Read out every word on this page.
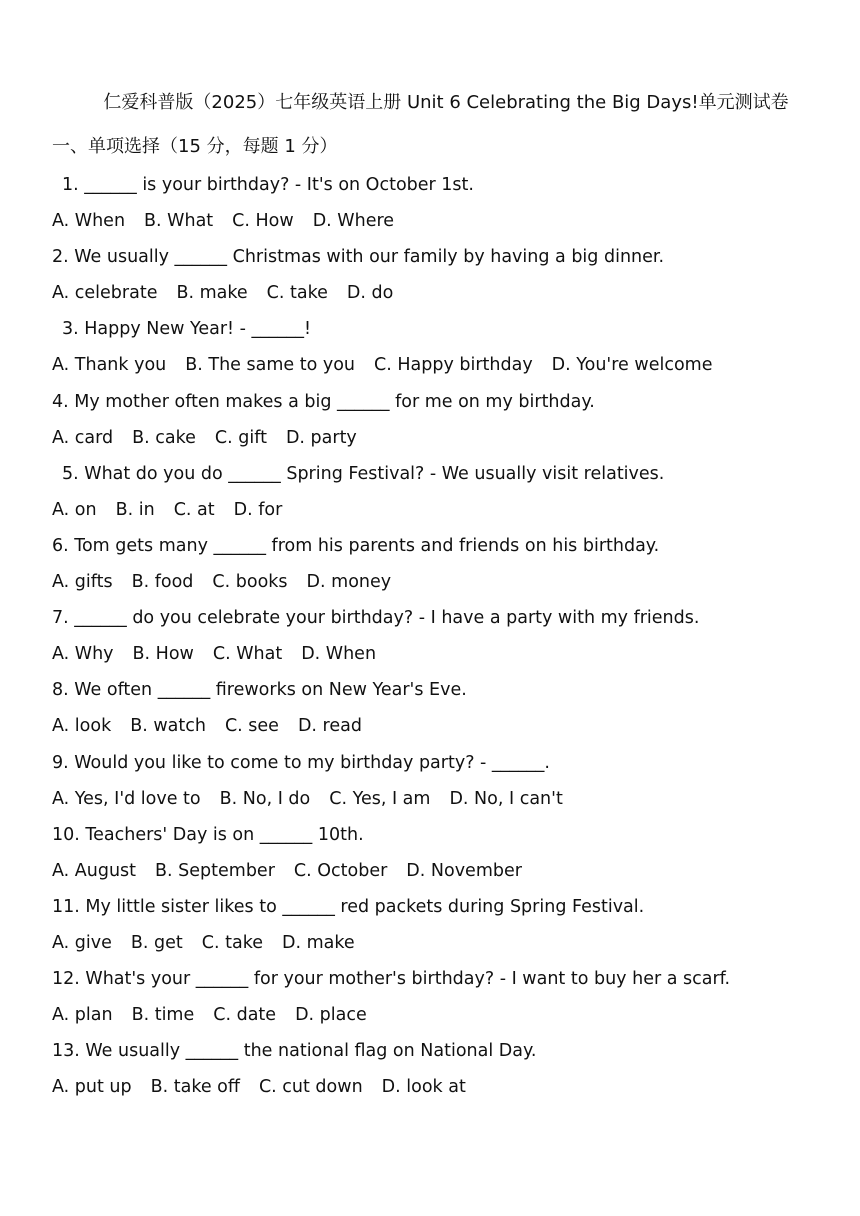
仁爱科普版（2025）七年级英语上册 Unit 6 Celebrating the Big Days!单元测试卷
一、单项选择（15 分，每题 1 分）
1. ______ is your birthday? - It's on October 1st.
A. When B. What C. How D. Where
2. We usually ______ Christmas with our family by having a big dinner.
A. celebrate B. make C. take D. do
3. Happy New Year! - ______!
A. Thank you B. The same to you C. Happy birthday D. You're welcome
4. My mother often makes a big ______ for me on my birthday.
A. card B. cake C. gift D. party
5. What do you do ______ Spring Festival? - We usually visit relatives.
A. on B. in C. at D. for
6. Tom gets many ______ from his parents and friends on his birthday.
A. gifts B. food C. books D. money
7. ______ do you celebrate your birthday? - I have a party with my friends.
A. Why B. How C. What D. When
8. We often ______ fireworks on New Year's Eve.
A. look B. watch C. see D. read
9. Would you like to come to my birthday party? - ______.
A. Yes, I'd love to B. No, I do C. Yes, I am D. No, I can't
10. Teachers' Day is on ______ 10th.
A. August B. September C. October D. November
11. My little sister likes to ______ red packets during Spring Festival.
A. give B. get C. take D. make
12. What's your ______ for your mother's birthday? - I want to buy her a scarf.
A. plan B. time C. date D. place
13. We usually ______ the national flag on National Day.
A. put up B. take off C. cut down D. look at
